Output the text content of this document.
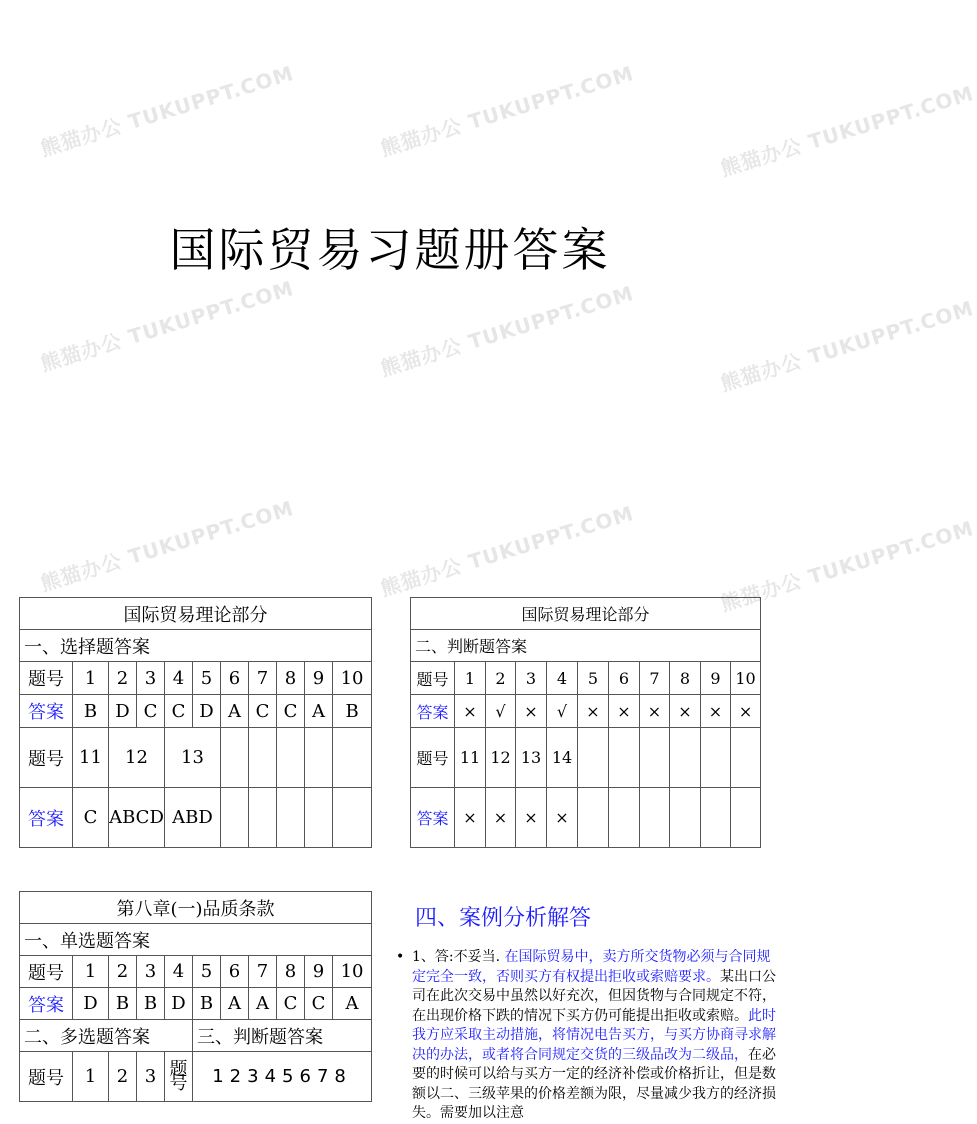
熊猫办公 TUKUPPT.COM	熊猫办公 TUKUPPT.COM	熊猫办公 TUKUPPT.COM
熊猫办公 TUKUPPT.COM	熊猫办公 TUKUPPT.COM	熊猫办公 TUKUPPT.COM
熊猫办公 TUKUPPT.COM	熊猫办公 TUKUPPT.COM	熊猫办公 TUKUPPT.COM
国际贸易习题册答案
国际贸易理论部分											
一、选择题答案											
题号	1	2	3	4	5	6	7	8	9	10	
答案	B	D	C	C	D	A	C	C	A	B	
题号	11	12		13							
答案	C	ABCD		ABD							
国际贸易理论部分										
二、判断题答案										
题号	1	2	3	4	5	6	7	8	9	10
答案	×	√	×	√	×	×	×	×	×	×
题号	11	12	13	14						
答案	×	×	×	×						
第八章(一)品质条款										
一、单选题答案										
题号	1	2	3	4	5	6	7	8	9	10
答案	D	B	B	D	B	A	A	C	C	A
二、多选题答案					三、判断题答案					
题号	1	2	3	题号	12345678					
四、案例分析解答
• 1、答:不妥当. 在国际贸易中，卖方所交货物必须与合同规定完全一致，否则买方有权提出拒收或索赔要求。某出口公司在此次交易中虽然以好充次，但因货物与合同规定不符，在出现价格下跌的情况下买方仍可能提出拒收或索赔。此时我方应采取主动措施，将情况电告买方，与买方协商寻求解决的办法，或者将合同规定交货的三级品改为二级品，在必要的时候可以给与买方一定的经济补偿或价格折让，但是数额以二、三级苹果的价格差额为限，尽量减少我方的经济损失。需要加以注意
